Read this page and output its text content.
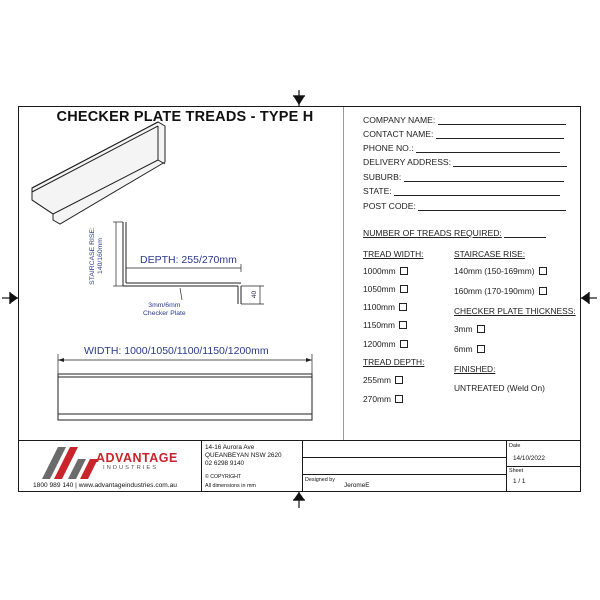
CHECKER PLATE TREADS - TYPE H
DEPTH: 255/270mm
STAIRCASE RISE: 140/160mm
3mm/6mm
Checker Plate
40
WIDTH: 1000/1050/1100/1150/1200mm
COMPANY NAME:
CONTACT NAME:
PHONE NO.:
DELIVERY ADDRESS:
SUBURB:
STATE:
POST CODE:
NUMBER OF TREADS REQUIRED:
TREAD WIDTH:
1000mm
1050mm
1100mm
1150mm
1200mm
TREAD DEPTH:
255mm
270mm
STAIRCASE RISE:
140mm (150-169mm)
160mm (170-190mm)
CHECKER PLATE THICKNESS:
3mm
6mm
FINISHED:
UNTREATED (Weld On)
ADVANTAGE
INDUSTRIES
1800 989 140 | www.advantageindustries.com.au
14-16 Aurora Ave
QUEANBEYAN NSW 2620
02 6298 9140
© COPYRIGHT
All dimensions in mm
Designed by
JeromeE
Date
14/10/2022
Sheet
1 / 1
